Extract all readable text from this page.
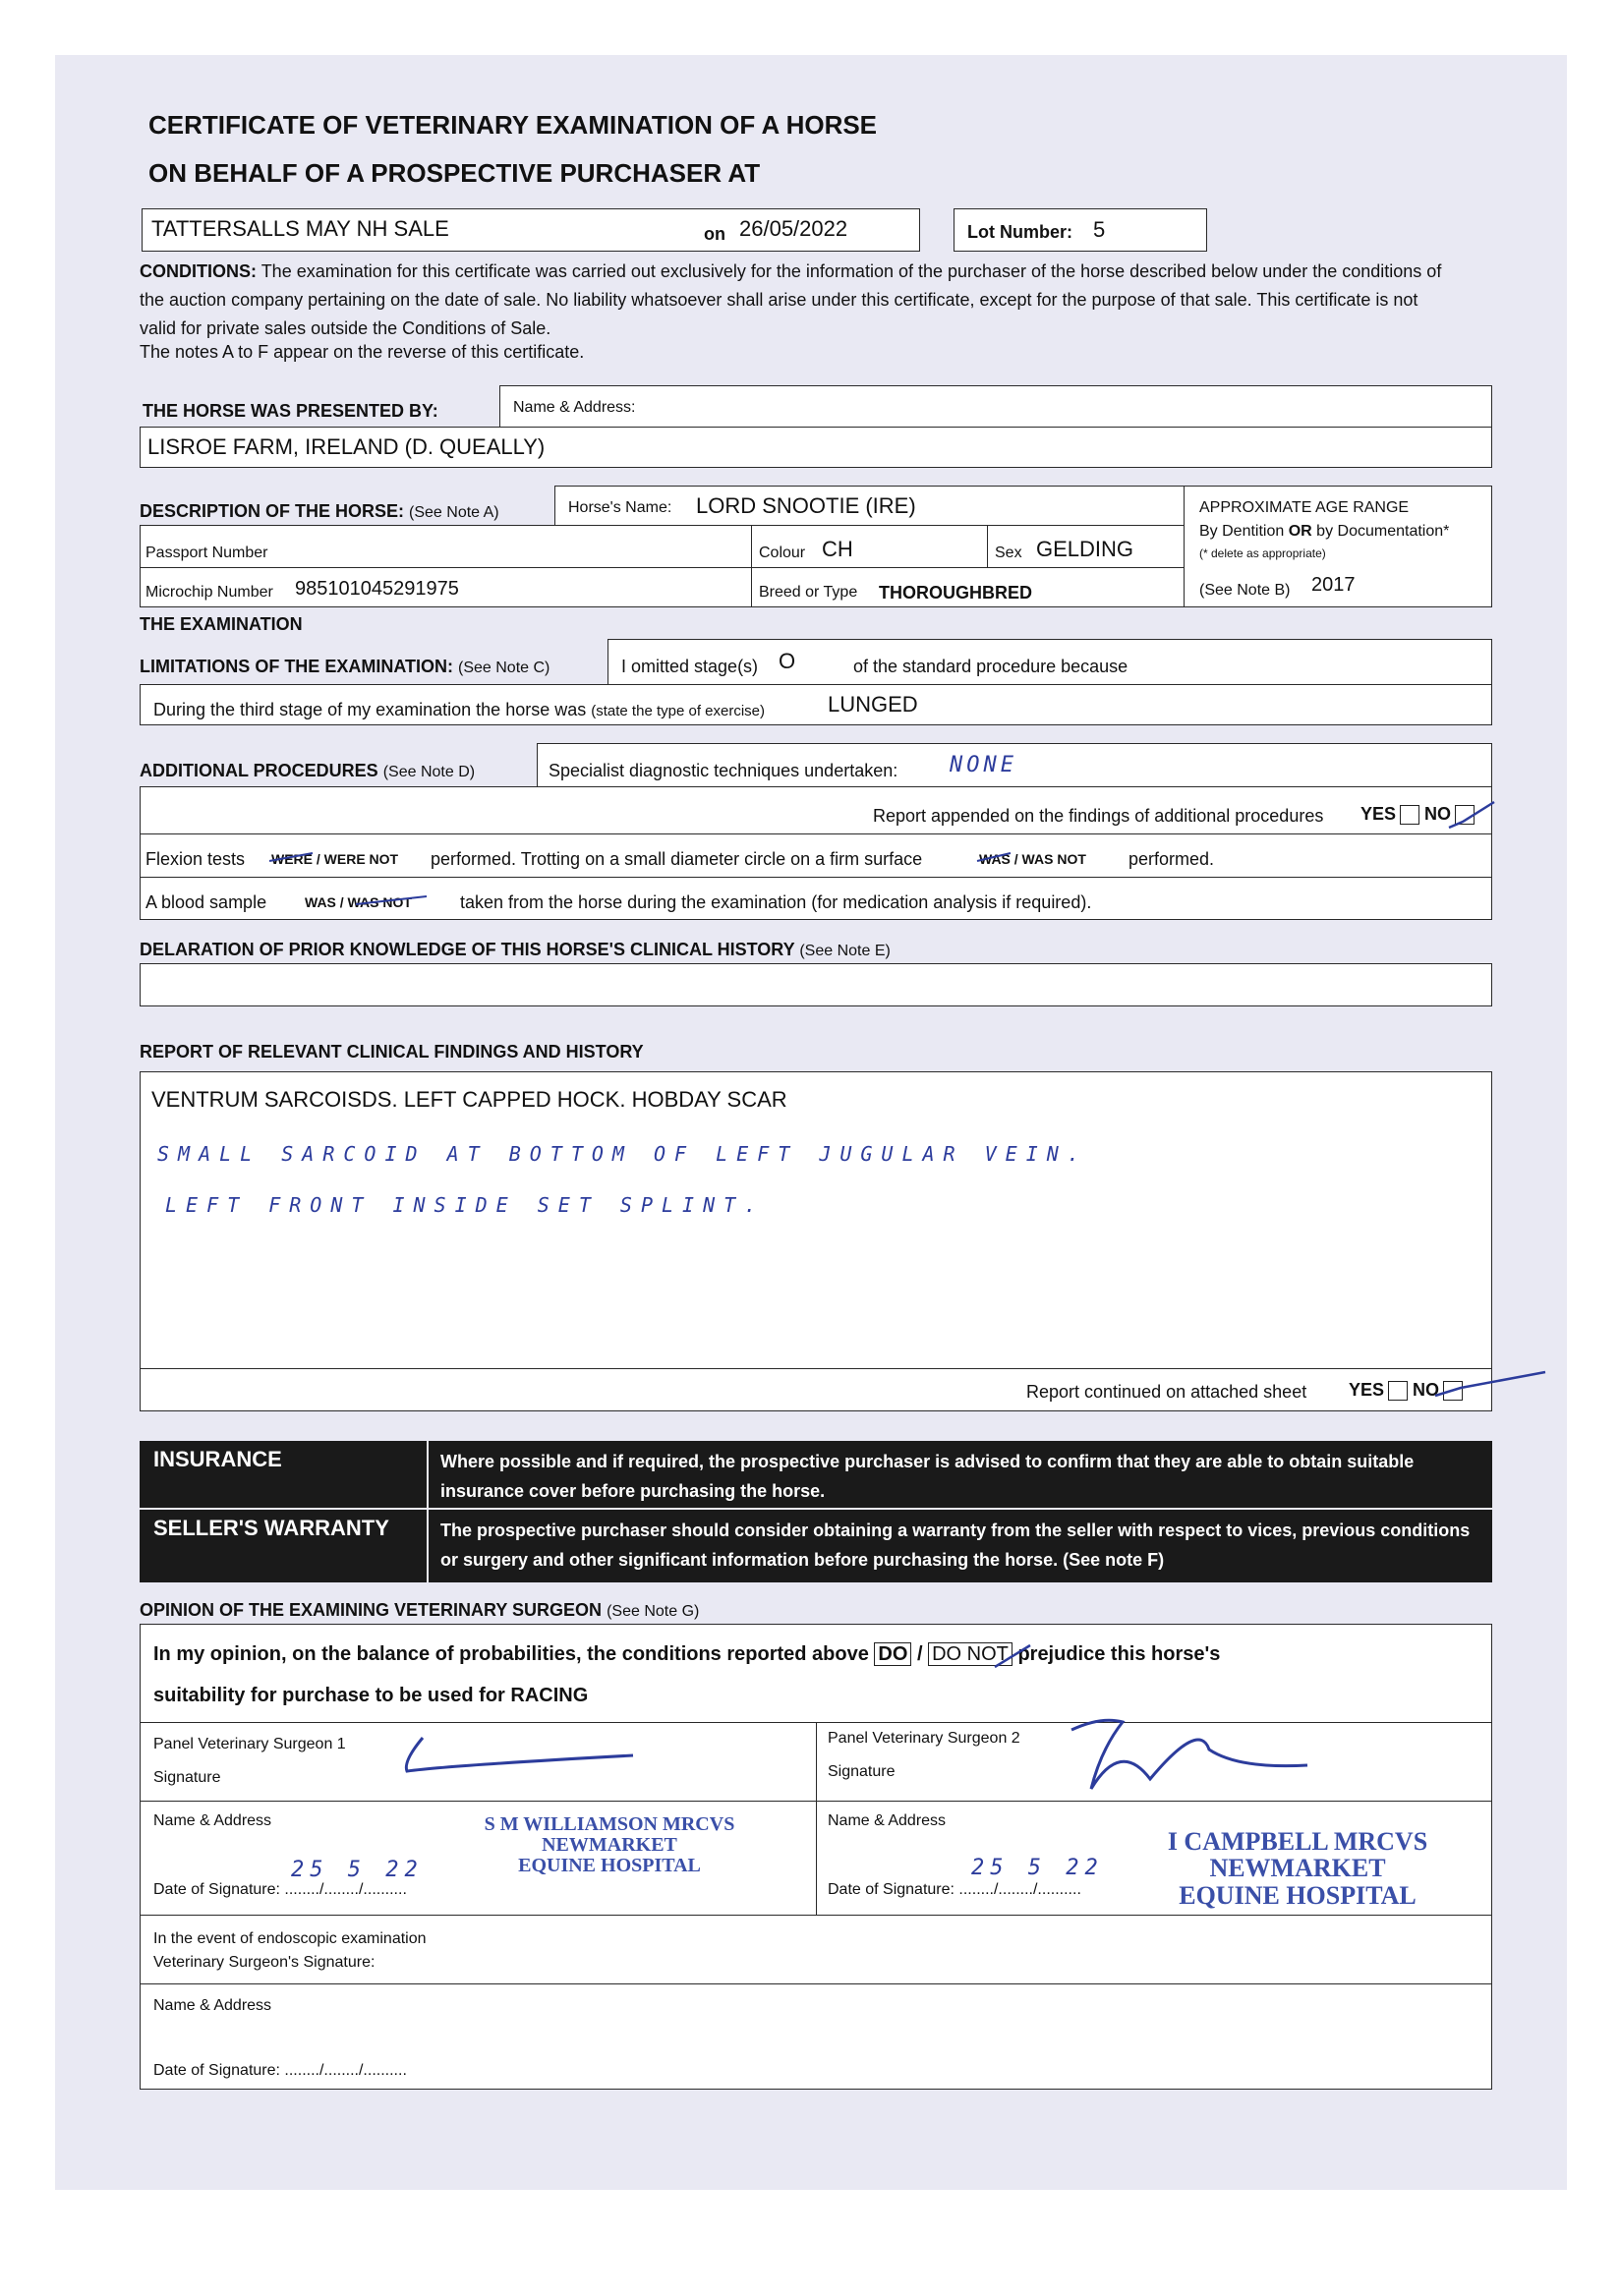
CERTIFICATE OF VETERINARY EXAMINATION OF A HORSE
ON BEHALF OF A PROSPECTIVE PURCHASER AT
TATTERSALLS MAY NH SALE	on 26/05/2022	Lot Number: 5
CONDITIONS: The examination for this certificate was carried out exclusively for the information of the purchaser of the horse described below under the conditions of the auction company pertaining on the date of sale. No liability whatsoever shall arise under this certificate, except for the purpose of that sale. This certificate is not valid for private sales outside the Conditions of Sale.
The notes A to F appear on the reverse of this certificate.
THE HORSE WAS PRESENTED BY:	Name & Address:
LISROE FARM, IRELAND (D. QUEALLY)
DESCRIPTION OF THE HORSE: (See Note A)	Horse's Name: LORD SNOOTIE (IRE)
Passport Number	Colour CH	Sex GELDING
Microchip Number 985101045291975	Breed or Type THOROUGHBRED
APPROXIMATE AGE RANGE
By Dentition OR by Documentation*
(* delete as appropriate)
(See Note B) 2017
THE EXAMINATION
LIMITATIONS OF THE EXAMINATION: (See Note C)	I omitted stage(s) O	of the standard procedure because
During the third stage of my examination the horse was (state the type of exercise)	LUNGED
ADDITIONAL PROCEDURES (See Note D)	Specialist diagnostic techniques undertaken: NONE
Report appended on the findings of additional procedures YES NO
Flexion tests WERE / WERE NOT performed. Trotting on a small diameter circle on a firm surface	WAS / WAS NOT performed.
A blood sample	WAS / WAS NOT	taken from the horse during the examination (for medication analysis if required).
DELARATION OF PRIOR KNOWLEDGE OF THIS HORSE'S CLINICAL HISTORY (See Note E)
REPORT OF RELEVANT CLINICAL FINDINGS AND HISTORY
VENTRUM SARCOISDS. LEFT CAPPED HOCK. HOBDAY SCAR
SMALL SARCOID AT BOTTOM OF LEFT JUGULAR VEIN.
LEFT FRONT INSIDE SET SPLINT.
Report continued on attached sheet YES NO
INSURANCE	Where possible and if required, the prospective purchaser is advised to confirm that they are able to obtain suitable insurance cover before purchasing the horse.
SELLER'S WARRANTY	The prospective purchaser should consider obtaining a warranty from the seller with respect to vices, previous conditions or surgery and other significant information before purchasing the horse. (See note F)
OPINION OF THE EXAMINING VETERINARY SURGEON (See Note G)
In my opinion, on the balance of probabilities, the conditions reported above DO / DO NOT prejudice this horse's
suitability for purchase to be used for RACING
Panel Veterinary Surgeon 1
Signature
Name & Address	S M WILLIAMSON MRCVS
NEWMARKET
EQUINE HOSPITAL
Date of Signature: ......../......../..........
25 5 22
Panel Veterinary Surgeon 2
Signature
Name & Address
I CAMPBELL MRCVS
NEWMARKET
EQUINE HOSPITAL
Date of Signature: ......../......../..........
25 5 22
In the event of endoscopic examination
Veterinary Surgeon's Signature:
Name & Address
Date of Signature: ......../......../..........
